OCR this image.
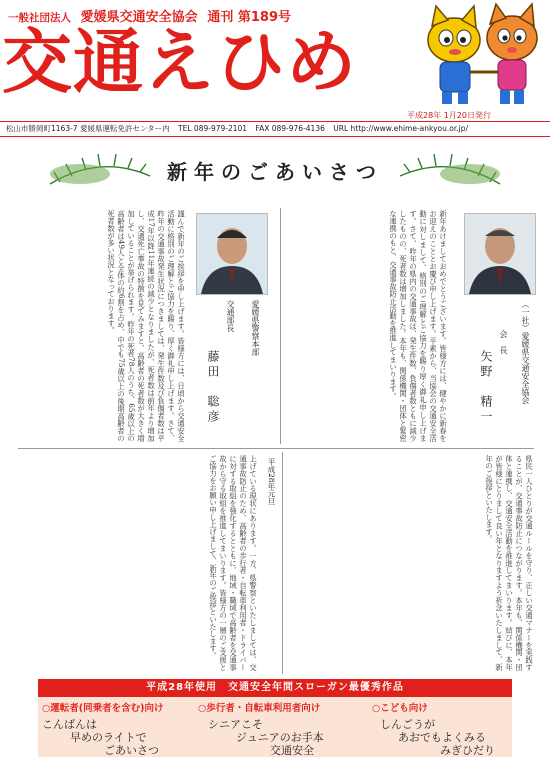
一般社団法人 愛媛県交通安全協会 通刊 第189号
交通えひめ
平成28年 1月20日発行
松山市勝岡町1163-7 愛媛県運転免許センター内 TEL 089-979-2101 FAX 089-976-4136 URL http://www.ehime-ankyou.or.jp/
新年のごあいさつ
謹んで新年のご挨拶を申し上げます。皆様方には、日頃から交通安全活動に格別のご理解とご協力を賜り、厚く御礼申し上げます。さて、昨年の交通事故発生状況につきましては、発生件数及び負傷者数は平成17年以降11年連続の減少となりましたが、死者数は前年より増加し、交通死亡事故の特徴を見てみますと、高齢者の死者数が大きく増加していることが挙げられます。昨年の死者78人のうち、65歳以上の高齢者は49人と全体の約6割を占め、中でも75歳以上の後期高齢者の死者数が多い状況となっております。	愛媛県警察本部
交通部長
藤田　聡彦	新年あけましておめでとうございます。皆様方には、健やかに新春をお迎えのこととお慶び申し上げます。平素から、当協会の交通安全活動に対しまして、格別のご理解とご協力を賜り厚く御礼申し上げます。さて、昨年の県内の交通事故は、発生件数、負傷者数ともに減少したものの、死者数は増加しました。本年も、関係機関・団体と緊密な連携のもと、交通事故防止活動を推進してまいります。	（一社）愛媛県交通安全協会
会　長
矢野　精一
上げている現状にあります。一方、県警察といたしましては、交通事故防止のため、高齢者の歩行者・自転車利用者・ドライバーに対する取組を強化するとともに、地域・職域で高齢者を交通事故から守る取組を推進してまいります。皆様方の一層のご支援とご協力をお願い申し上げまして、新年のご挨拶といたします。	平成28年元旦	県民一人ひとりが交通ルールを守り、正しい交通マナーを実践することが、交通事故防止につながります。本年も、関係機関・団体と連携し、交通安全活動を推進してまいります。結びに、本年が皆様にとりまして良い年となりますよう祈念いたしまして、新年のご挨拶といたします。
平成28年使用　交通安全年間スローガン最優秀作品
○運転者(同乗者を含む)向け
こんばんは
早めのライトで
ごあいさつ
○歩行者・自転車利用者向け
シニアこそ
ジュニアのお手本
交通安全
○こども向け
しんごうが
あおでもよくみる
みぎひだり
